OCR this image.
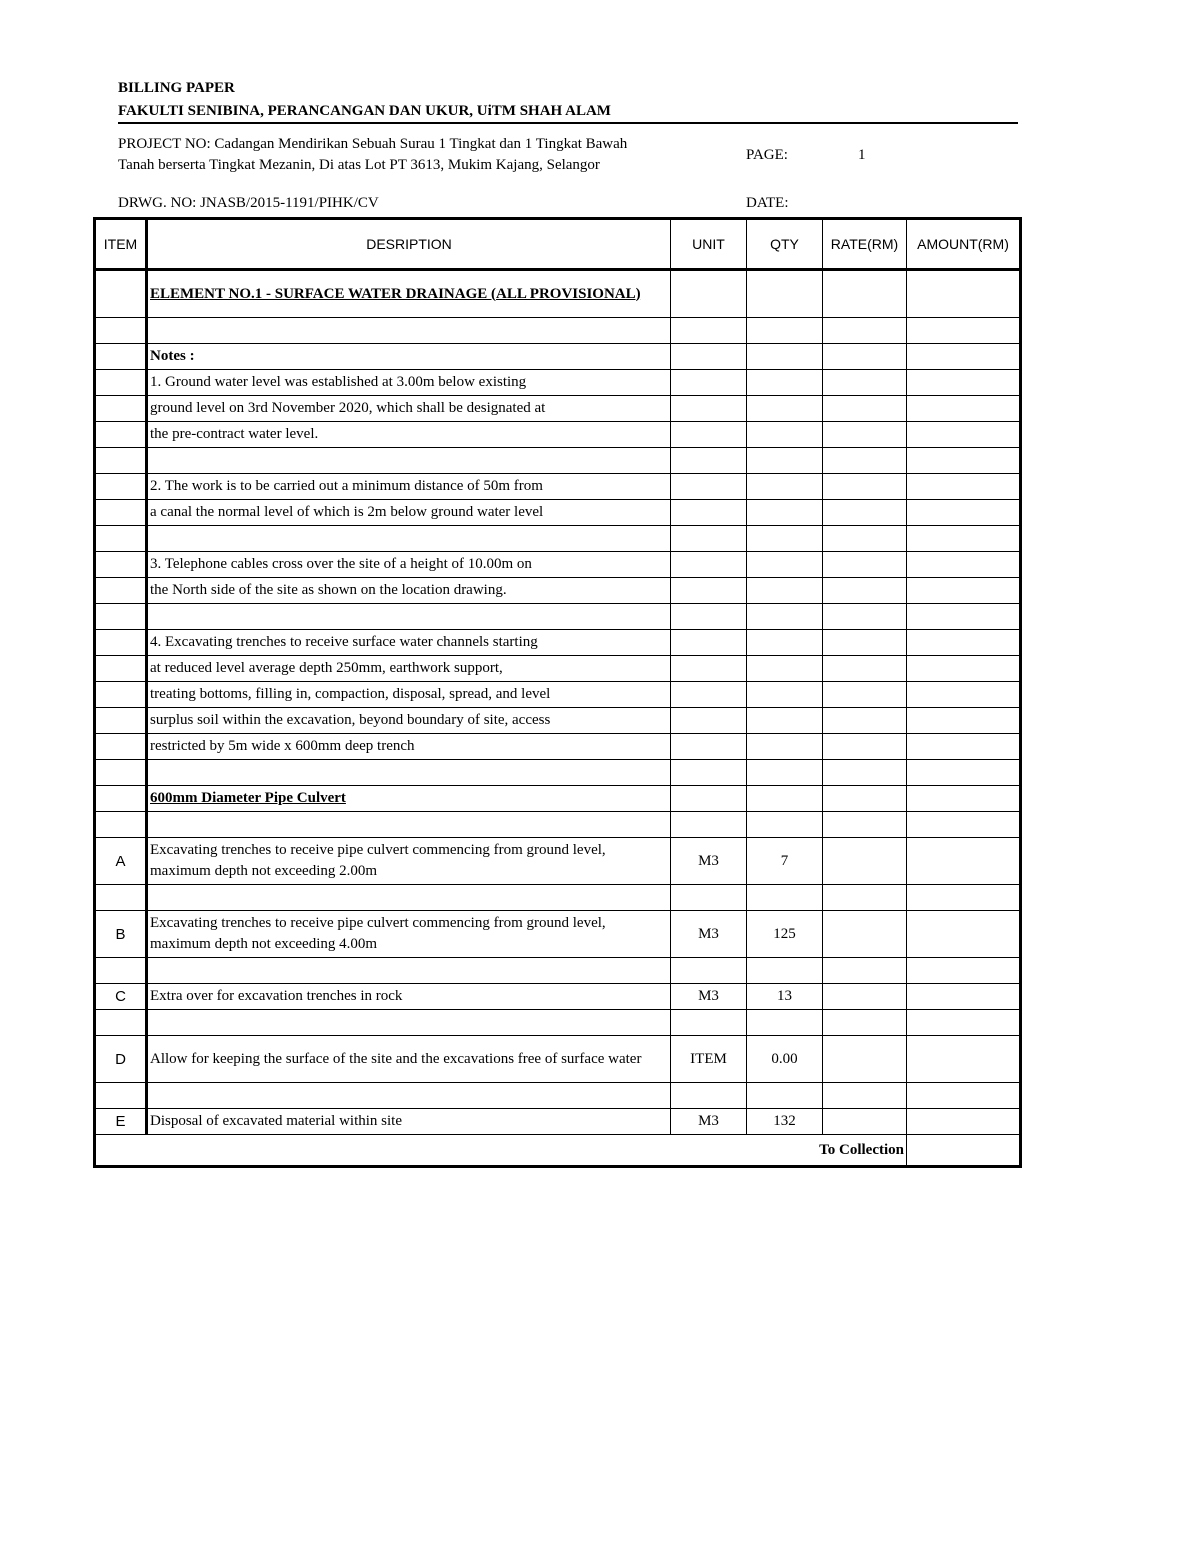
BILLING PAPER
FAKULTI SENIBINA, PERANCANGAN DAN UKUR, UiTM SHAH ALAM
PROJECT NO: Cadangan Mendirikan Sebuah Surau 1 Tingkat dan 1 Tingkat Bawah
Tanah berserta Tingkat Mezanin, Di atas Lot PT 3613, Mukim Kajang, Selangor
PAGE:	1
DRWG. NO: JNASB/2015-1191/PIHK/CV	DATE:
ITEM	DESRIPTION	UNIT	QTY	RATE(RM)	AMOUNT(RM)
	ELEMENT NO.1 - SURFACE WATER DRAINAGE (ALL PROVISIONAL)				

	Notes :				
	1. Ground water level was established at 3.00m below existing				
	ground level on 3rd November 2020, which shall be designated at				
	the pre-contract water level.				

	2. The work is to be carried out a minimum distance of 50m from				
	a canal the normal level of which is 2m below ground water level				

	3. Telephone cables cross over the site of a height of 10.00m on				
	the North side of the site as shown on the location drawing.				

	4. Excavating trenches to receive surface water channels starting				
	at reduced level average depth 250mm, earthwork support,				
	treating bottoms, filling in, compaction, disposal, spread, and level				
	surplus soil within the excavation, beyond boundary of site, access				
	restricted by 5m wide x 600mm deep trench				

	600mm Diameter Pipe Culvert				

A	Excavating trenches to receive pipe culvert commencing from ground level, maximum depth not exceeding 2.00m	M3	7		

B	Excavating trenches to receive pipe culvert commencing from ground level, maximum depth not exceeding 4.00m	M3	125		

C	Extra over for excavation trenches in rock	M3	13		

D	Allow for keeping the surface of the site and the excavations free of surface water	ITEM	0.00		

E	Disposal of excavated material within site	M3	132		
To Collection					
